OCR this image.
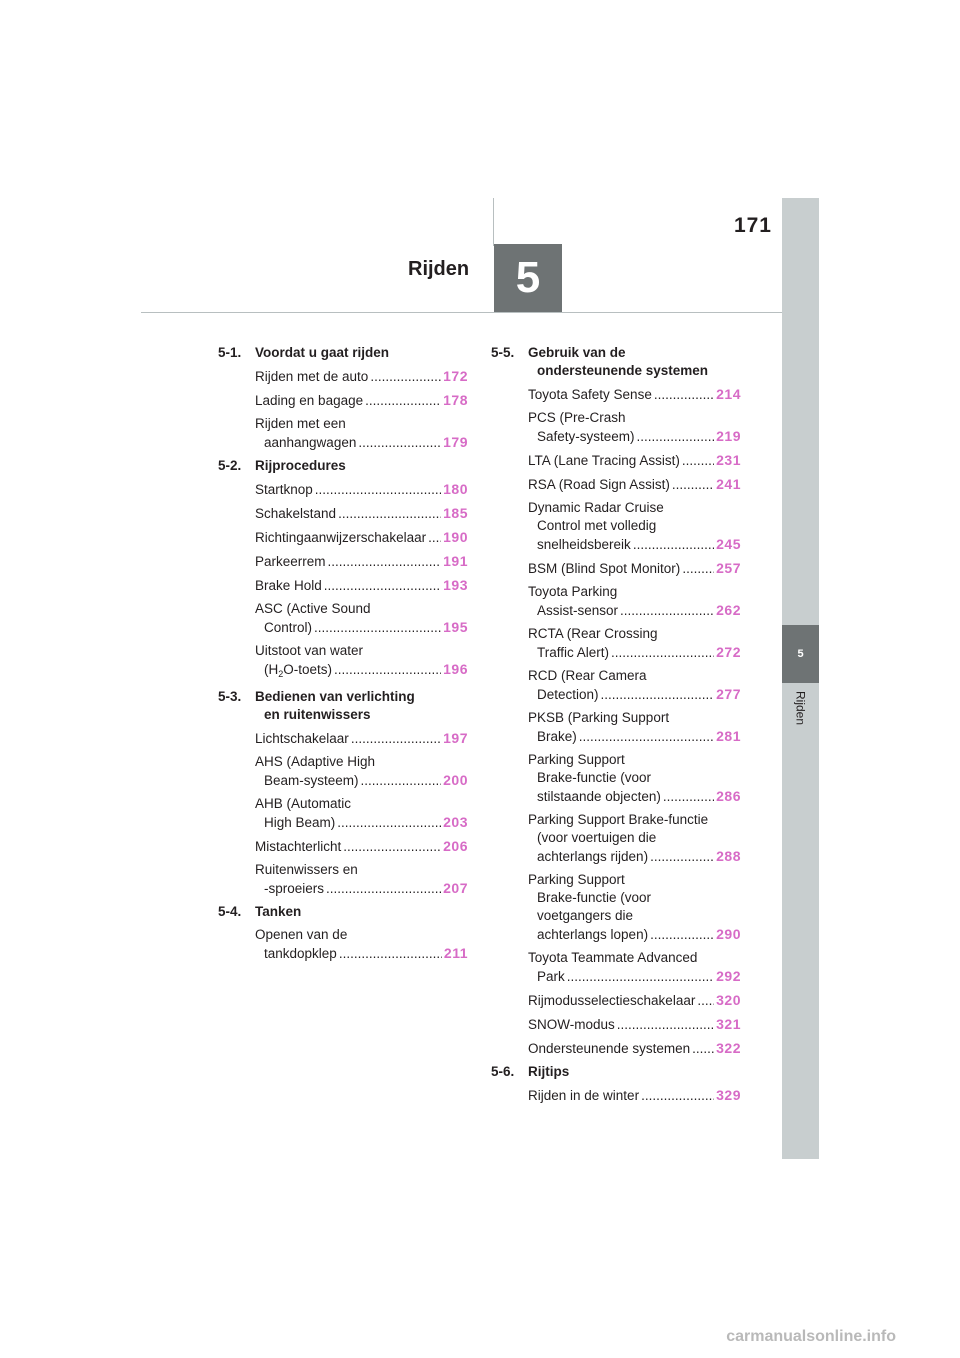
171
Rijden	5
5
Rijden
5-1.	Voordat u gaat rijden
Rijden met de auto .....	172
Lading en bagage .....	178
Rijden met een
aanhangwagen .....	179
5-2.	Rijprocedures
Startknop .....	180
Schakelstand .....	185
Richtingaanwijzerschakelaar ..... 190
Parkeerrem .....	191
Brake Hold .....	193
ASC (Active Sound
Control) .....	195
Uitstoot van water
$(H_2O-toets)$ .....	196
5-3.	Bedienen van verlichting
en ruitenwissers
Lichtschakelaar .....	197
AHS (Adaptive High
Beam-systeem) .....	200
AHB (Automatic
High Beam) .....	203
Mistachterlicht .....	206
Ruitenwissers en
-sproeiers .....	207
5-4.	Tanken
Openen van de
tankdopklep .....	211
5-5.	Gebruik van de
ondersteunende systemen
Toyota Safety Sense .....	214
PCS (Pre-Crash
Safety-systeem) .....	219
LTA (Lane Tracing Assist) .....	231
RSA (Road Sign Assist) .....	241
Dynamic Radar Cruise
Control met volledig
snelheidsbereik .....	245
BSM (Blind Spot Monitor) .....	257
Toyota Parking
Assist-sensor .....	262
RCTA (Rear Crossing
Traffic Alert) .....	272
RCD (Rear Camera
Detection) .....	277
PKSB (Parking Support
Brake) .....	281
Parking Support
Brake-functie (voor
stilstaande objecten) .....	286
Parking Support Brake-functie
(voor voertuigen die
achterlangs rijden) .....	288
Parking Support
Brake-functie (voor
voetgangers die
achterlangs lopen) .....	290
Toyota Teammate Advanced
Park .....	292
Rijmodusselectieschakelaar ..... 320
SNOW-modus .....	321
Ondersteunende systemen ..... 322
5-6.	Rijtips
Rijden in de winter .....	329
carmanualsonline.info
